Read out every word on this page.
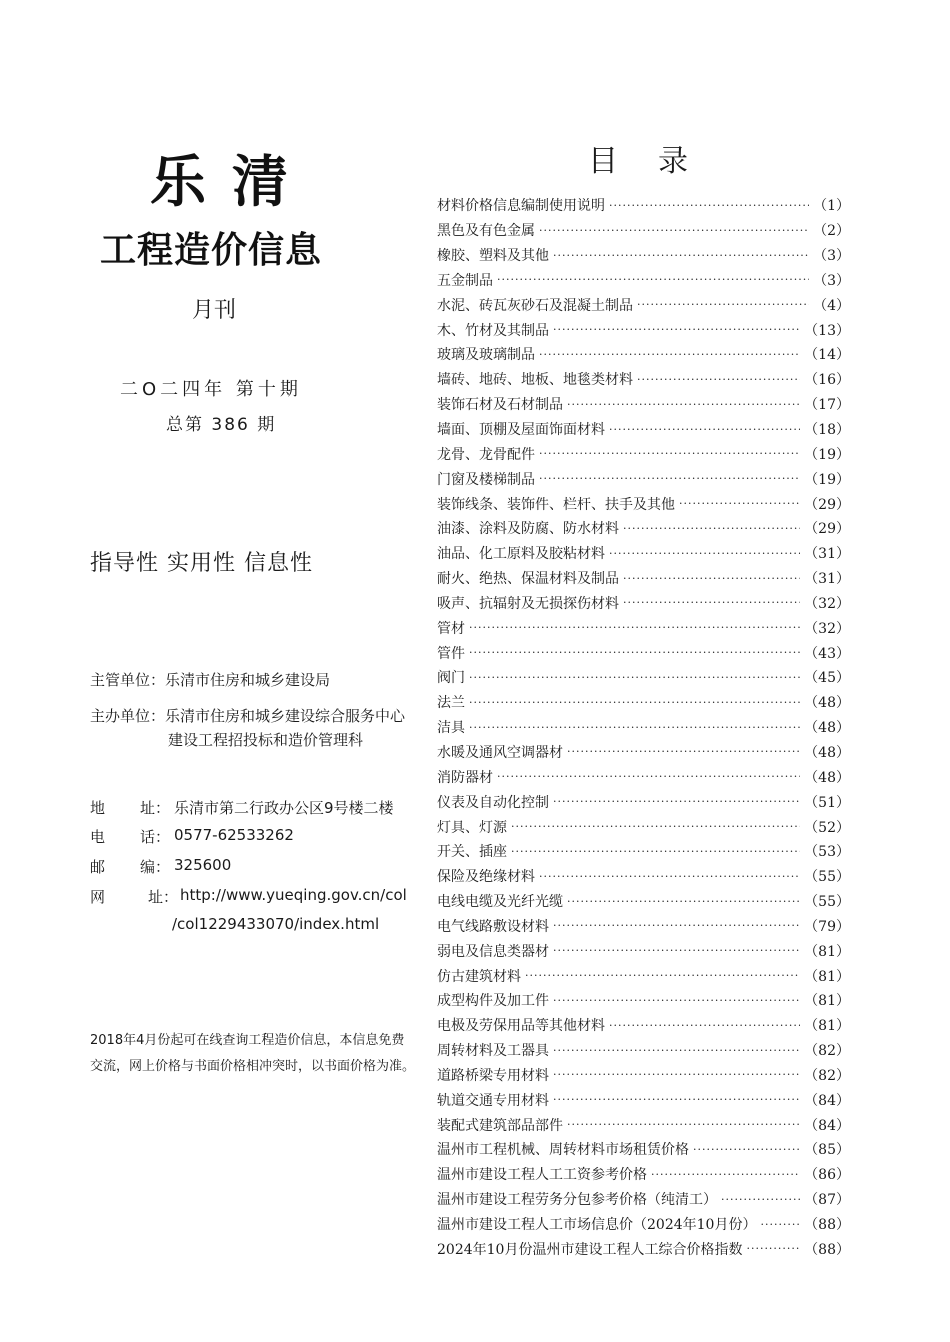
乐清
工程造价信息
月刊
二O二四年 第十期
总第 386 期
指导性 实用性 信息性
主管单位：乐清市住房和城乡建设局
主办单位：乐清市住房和城乡建设综合服务中心
建设工程招投标和造价管理科
地 址： 乐清市第二行政办公区9号楼二楼
电 话： 0577-62533262
邮 编： 325600
网	址： http://www.yueqing.gov.cn/col
/col1229433070/index.html
2018年4月份起可在线查询工程造价信息，本信息免费交流，网上价格与书面价格相冲突时，以书面价格为准。
目录
材料价格信息编制使用说明 ·····	（1）
黑色及有色金属 ·····	（2）
橡胶、塑料及其他 ·····	（3）
五金制品 ·····	（3）
水泥、砖瓦灰砂石及混凝土制品 ·····	（4）
木、竹材及其制品 ·····	（13）
玻璃及玻璃制品 ·····	（14）
墙砖、地砖、地板、地毯类材料 ·····	（16）
装饰石材及石材制品 ·····	（17）
墙面、顶棚及屋面饰面材料 ·····	（18）
龙骨、龙骨配件 ·····	（19）
门窗及楼梯制品 ·····	（19）
装饰线条、装饰件、栏杆、扶手及其他 ·····	（29）
油漆、涂料及防腐、防水材料 ·····	（29）
油品、化工原料及胶粘材料 ·····	（31）
耐火、绝热、保温材料及制品 ·····	（31）
吸声、抗辐射及无损探伤材料 ·····	（32）
管材 ·····	（32）
管件 ·····	（43）
阀门 ·····	（45）
法兰 ·····	（48）
洁具 ·····	（48）
水暖及通风空调器材 ·····	（48）
消防器材 ·····	（48）
仪表及自动化控制 ·····	（51）
灯具、灯源 ·····	（52）
开关、插座 ·····	（53）
保险及绝缘材料 ·····	（55）
电线电缆及光纤光缆 ·····	（55）
电气线路敷设材料 ·····	（79）
弱电及信息类器材 ·····	（81）
仿古建筑材料 ·····	（81）
成型构件及加工件 ·····	（81）
电极及劳保用品等其他材料 ·····	（81）
周转材料及工器具 ·····	（82）
道路桥梁专用材料 ·····	（82）
轨道交通专用材料 ·····	（84）
装配式建筑部品部件 ·····	（84）
温州市工程机械、周转材料市场租赁价格 ·····	（85）
温州市建设工程人工工资参考价格 ·····	（86）
温州市建设工程劳务分包参考价格（纯清工） ·····	（87）
温州市建设工程人工市场信息价（2024年10月份） ·····	（88）
2024年10月份温州市建设工程人工综合价格指数 ·····	（88）
